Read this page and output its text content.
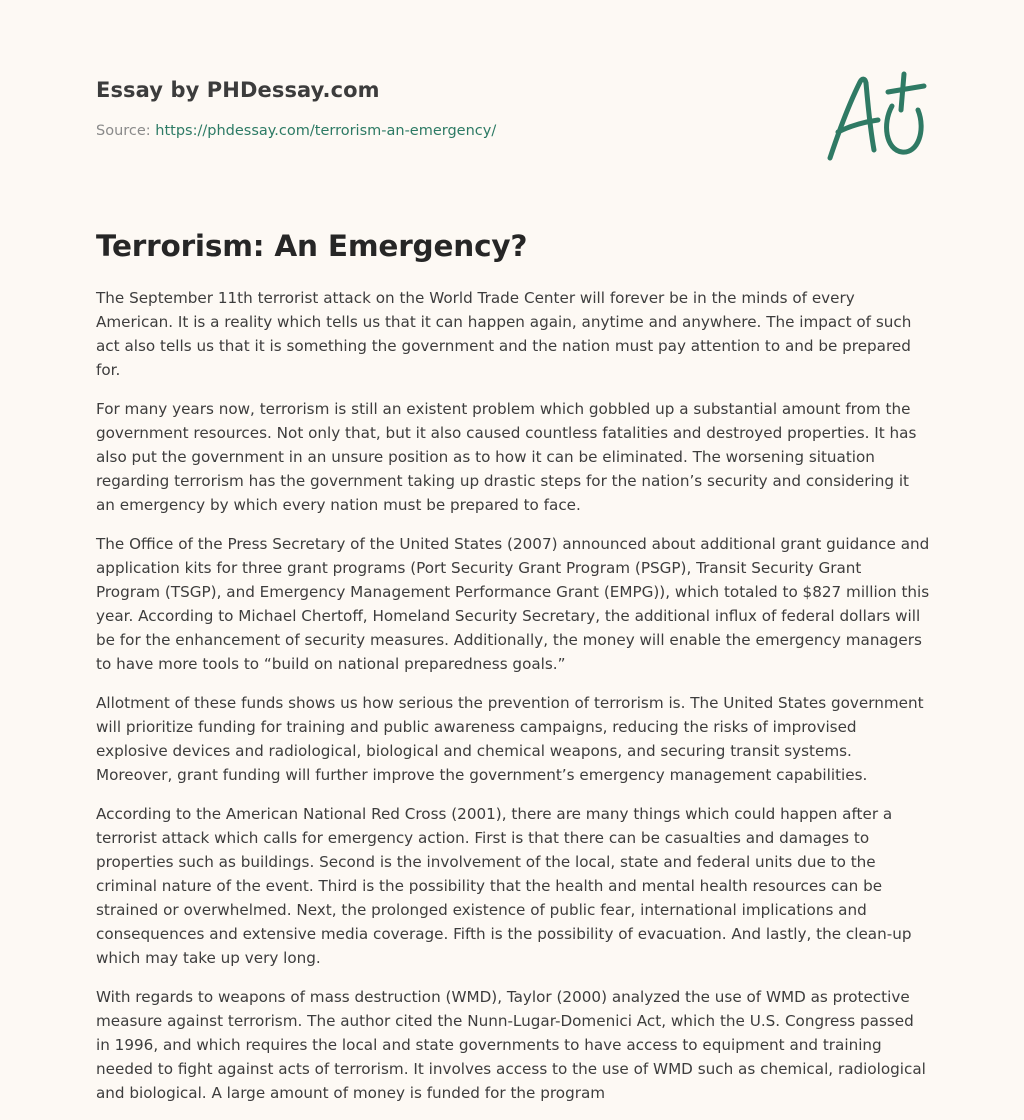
Essay by PHDessay.com
Source: https://phdessay.com/terrorism-an-emergency/
Terrorism: An Emergency?

The September 11th terrorist attack on the World Trade Center will forever be in the minds of every American. It is a reality which tells us that it can happen again, anytime and anywhere. The impact of such act also tells us that it is something the government and the nation must pay attention to and be prepared for.

For many years now, terrorism is still an existent problem which gobbled up a substantial amount from the government resources. Not only that, but it also caused countless fatalities and destroyed properties. It has also put the government in an unsure position as to how it can be eliminated. The worsening situation regarding terrorism has the government taking up drastic steps for the nation’s security and considering it an emergency by which every nation must be prepared to face.

The Office of the Press Secretary of the United States (2007) announced about additional grant guidance and application kits for three grant programs (Port Security Grant Program (PSGP), Transit Security Grant Program (TSGP), and Emergency Management Performance Grant (EMPG)), which totaled to $827 million this year. According to Michael Chertoff, Homeland Security Secretary, the additional influx of federal dollars will be for the enhancement of security measures. Additionally, the money will enable the emergency managers to have more tools to “build on national preparedness goals.”

Allotment of these funds shows us how serious the prevention of terrorism is. The United States government will prioritize funding for training and public awareness campaigns, reducing the risks of improvised explosive devices and radiological, biological and chemical weapons, and securing transit systems. Moreover, grant funding will further improve the government’s emergency management capabilities.

According to the American National Red Cross (2001), there are many things which could happen after a terrorist attack which calls for emergency action. First is that there can be casualties and damages to properties such as buildings. Second is the involvement of the local, state and federal units due to the criminal nature of the event. Third is the possibility that the health and mental health resources can be strained or overwhelmed. Next, the prolonged existence of public fear, international implications and consequences and extensive media coverage. Fifth is the possibility of evacuation. And lastly, the clean-up which may take up very long.

With regards to weapons of mass destruction (WMD), Taylor (2000) analyzed the use of WMD as protective measure against terrorism. The author cited the Nunn-Lugar-Domenici Act, which the U.S. Congress passed in 1996, and which requires the local and state governments to have access to equipment and training needed to fight against acts of terrorism. It involves access to the use of WMD such as chemical, radiological and biological. A large amount of money is funded for the program
